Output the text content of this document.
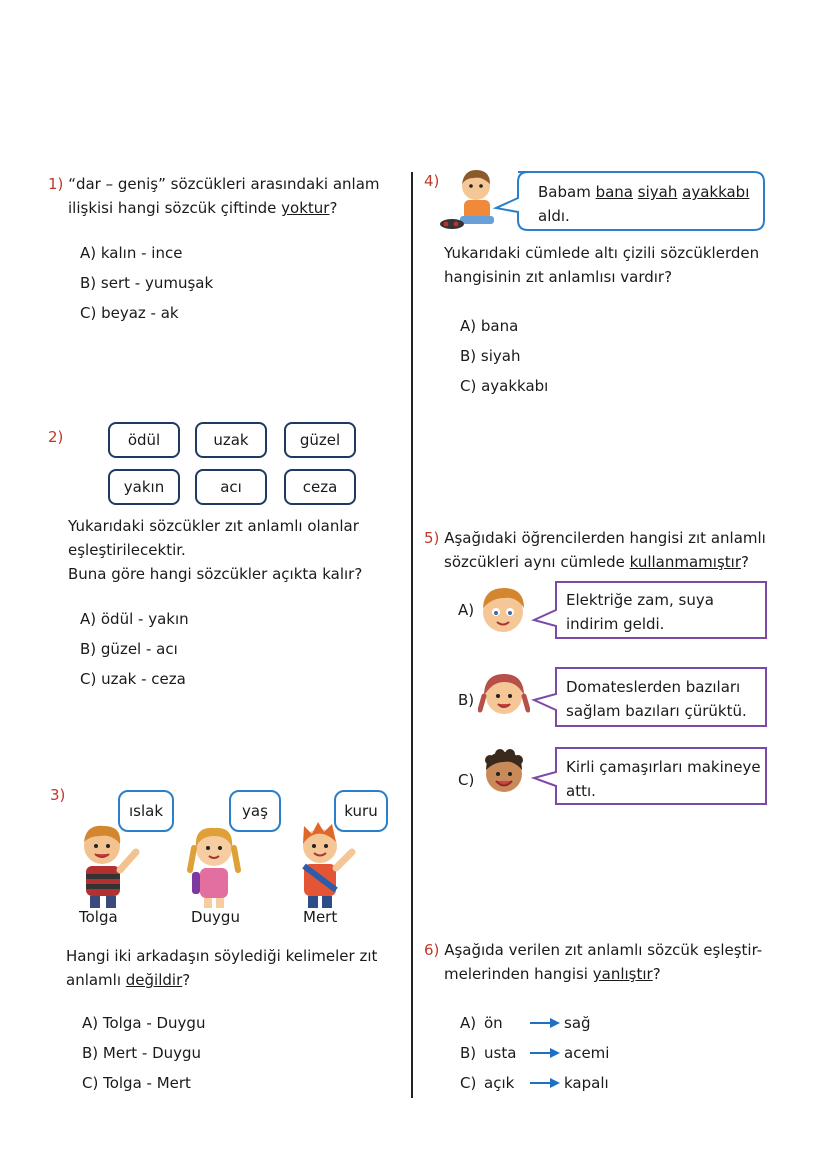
1) “dar – geniş” sözcükleri arasındaki anlam
ilişkisi hangi sözcük çiftinde yoktur?
A) kalın - ince
B) sert - yumuşak
C) beyaz - ak
2)	ödül	uzak	güzel
yakın	acı	ceza
Yukarıdaki sözcükler zıt anlamlı olanlar
eşleştirilecektir.
Buna göre hangi sözcükler açıkta kalır?
A) ödül - yakın
B) güzel - acı
C) uzak - ceza
3)
ıslak	yaş	kuru
Tolga	Duygu	Mert
Hangi iki arkadaşın söylediği kelimeler zıt
anlamlı değildir?
A) Tolga - Duygu
B) Mert - Duygu
C) Tolga - Mert
4)
Babam bana siyah ayakkabı
aldı.
Yukarıdaki cümlede altı çizili sözcüklerden
hangisinin zıt anlamlısı vardır?
A) bana
B) siyah
C) ayakkabı
5) Aşağıdaki öğrencilerden hangisi zıt anlamlı
sözcükleri aynı cümlede kullanmamıştır?
A)
Elektriğe zam, suya
indirim geldi.
B)
Domateslerden bazıları
sağlam bazıları çürüktü.
C)
Kirli çamaşırları makineye
attı.
6) Aşağıda verilen zıt anlamlı sözcük eşleştir-
melerinden hangisi yanlıştır?
A) ön	sağ
B) usta	acemi
C) açık	kapalı
